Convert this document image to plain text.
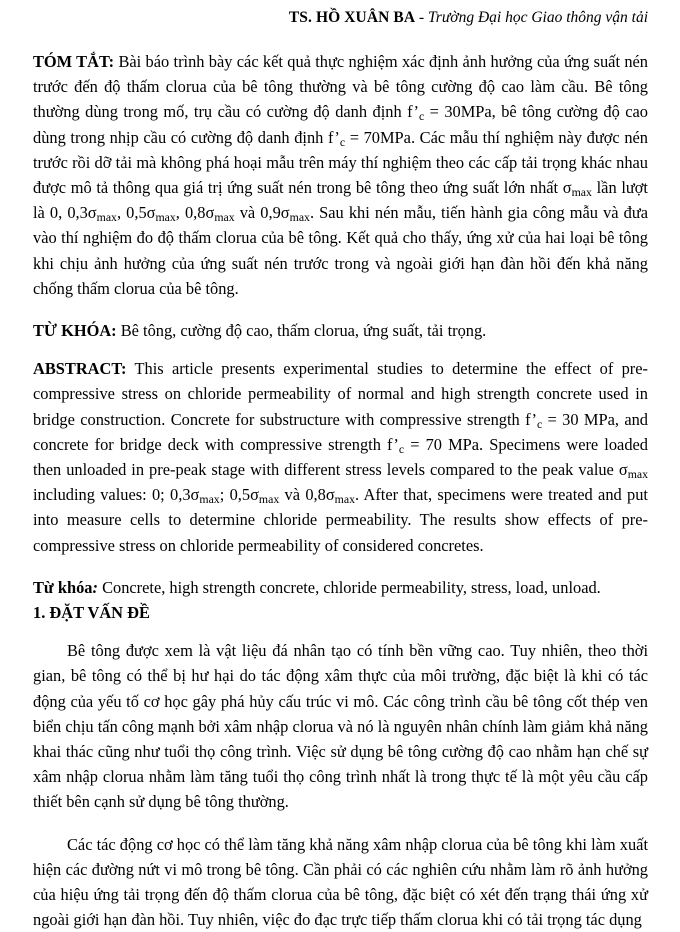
TS. HỒ XUÂN BA - Trường Đại học Giao thông vận tải

TÓM TẮT: Bài báo trình bày các kết quả thực nghiệm xác định ảnh hưởng của ứng suất nén trước đến độ thấm clorua của bê tông thường và bê tông cường độ cao làm cầu. Bê tông thường dùng trong mố, trụ cầu có cường độ danh định $f’_c = 30MPa$, bê tông cường độ cao dùng trong nhịp cầu có cường độ danh định $f’_c = 70MPa$. Các mẫu thí nghiệm này được nén trước rồi dỡ tải mà không phá hoại mẫu trên máy thí nghiệm theo các cấp tải trọng khác nhau được mô tả thông qua giá trị ứng suất nén trong bê tông theo ứng suất lớn nhất $\sigma_{max}$ lần lượt là 0, $0,3\sigma_{max}$, $0,5\sigma_{max}$, $0,8\sigma_{max}$ và $0,9\sigma_{max}$. Sau khi nén mẫu, tiến hành gia công mẫu và đưa vào thí nghiệm đo độ thấm clorua của bê tông. Kết quả cho thấy, ứng xử của hai loại bê tông khi chịu ảnh hưởng của ứng suất nén trước trong và ngoài giới hạn đàn hồi đến khả năng chống thấm clorua của bê tông.

TỪ KHÓA: Bê tông, cường độ cao, thấm clorua, ứng suất, tải trọng.

ABSTRACT: This article presents experimental studies to determine the effect of pre-compressive stress on chloride permeability of normal and high strength concrete used in bridge construction. Concrete for substructure with compressive strength $f’_c = 30$ MPa, and concrete for bridge deck with compressive strength $f’_c = 70$ MPa. Specimens were loaded then unloaded in pre-peak stage with different stress levels compared to the peak value $\sigma_{max}$ including values: 0; $0,3\sigma_{max}$; $0,5\sigma_{max}$ và $0,8\sigma_{max}$. After that, specimens were treated and put into measure cells to determine chloride permeability. The results show effects of pre-compressive stress on chloride permeability of considered concretes.

Từ khóa: Concrete, high strength concrete, chloride permeability, stress, load, unload.

1. ĐẶT VẤN ĐỀ

Bê tông được xem là vật liệu đá nhân tạo có tính bền vững cao. Tuy nhiên, theo thời gian, bê tông có thể bị hư hại do tác động xâm thực của môi trường, đặc biệt là khi có tác động của yếu tố cơ học gây phá hủy cấu trúc vi mô. Các công trình cầu bê tông cốt thép ven biển chịu tấn công mạnh bởi xâm nhập clorua và nó là nguyên nhân chính làm giảm khả năng khai thác cũng như tuổi thọ công trình. Việc sử dụng bê tông cường độ cao nhằm hạn chế sự xâm nhập clorua nhằm làm tăng tuổi thọ công trình nhất là trong thực tế là một yêu cầu cấp thiết bên cạnh sử dụng bê tông thường.

Các tác động cơ học có thể làm tăng khả năng xâm nhập clorua của bê tông khi làm xuất hiện các đường nứt vi mô trong bê tông. Cần phải có các nghiên cứu nhằm làm rõ ảnh hưởng của hiệu ứng tải trọng đến độ thấm clorua của bê tông, đặc biệt có xét đến trạng thái ứng xử ngoài giới hạn đàn hồi. Tuy nhiên, việc đo đạc trực tiếp thấm clorua khi có tải trọng tác dụng
